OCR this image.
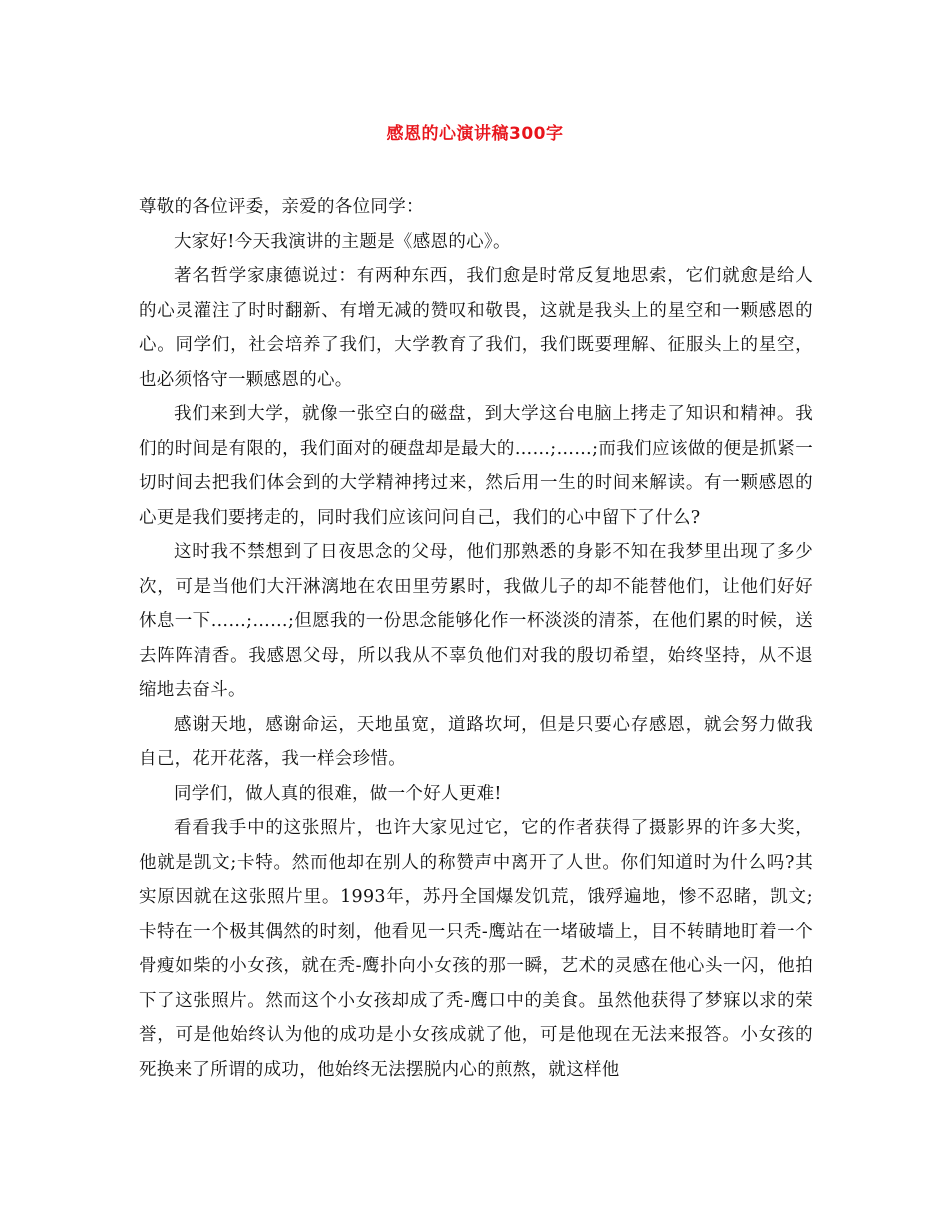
感恩的心演讲稿300字

尊敬的各位评委，亲爱的各位同学：

大家好!今天我演讲的主题是《感恩的心》。

著名哲学家康德说过：有两种东西，我们愈是时常反复地思索，它们就愈是给人的心灵灌注了时时翻新、有增无减的赞叹和敬畏，这就是我头上的星空和一颗感恩的心。同学们，社会培养了我们，大学教育了我们，我们既要理解、征服头上的星空，也必须恪守一颗感恩的心。

我们来到大学，就像一张空白的磁盘，到大学这台电脑上拷走了知识和精神。我们的时间是有限的，我们面对的硬盘却是最大的……;……;而我们应该做的便是抓紧一切时间去把我们体会到的大学精神拷过来，然后用一生的时间来解读。有一颗感恩的心更是我们要拷走的，同时我们应该问问自己，我们的心中留下了什么?

这时我不禁想到了日夜思念的父母，他们那熟悉的身影不知在我梦里出现了多少次，可是当他们大汗淋漓地在农田里劳累时，我做儿子的却不能替他们，让他们好好休息一下……;……;但愿我的一份思念能够化作一杯淡淡的清茶，在他们累的时候，送去阵阵清香。我感恩父母，所以我从不辜负他们对我的殷切希望，始终坚持，从不退缩地去奋斗。

感谢天地，感谢命运，天地虽宽，道路坎坷，但是只要心存感恩，就会努力做我自己，花开花落，我一样会珍惜。

同学们，做人真的很难，做一个好人更难!

看看我手中的这张照片，也许大家见过它，它的作者获得了摄影界的许多大奖，他就是凯文;卡特。然而他却在别人的称赞声中离开了人世。你们知道时为什么吗?其实原因就在这张照片里。1993年，苏丹全国爆发饥荒，饿殍遍地，惨不忍睹，凯文;卡特在一个极其偶然的时刻，他看见一只秃-鹰站在一堵破墙上，目不转睛地盯着一个骨瘦如柴的小女孩，就在秃-鹰扑向小女孩的那一瞬，艺术的灵感在他心头一闪，他拍下了这张照片。然而这个小女孩却成了秃-鹰口中的美食。虽然他获得了梦寐以求的荣誉，可是他始终认为他的成功是小女孩成就了他，可是他现在无法来报答。小女孩的死换来了所谓的成功，他始终无法摆脱内心的煎熬，就这样他
